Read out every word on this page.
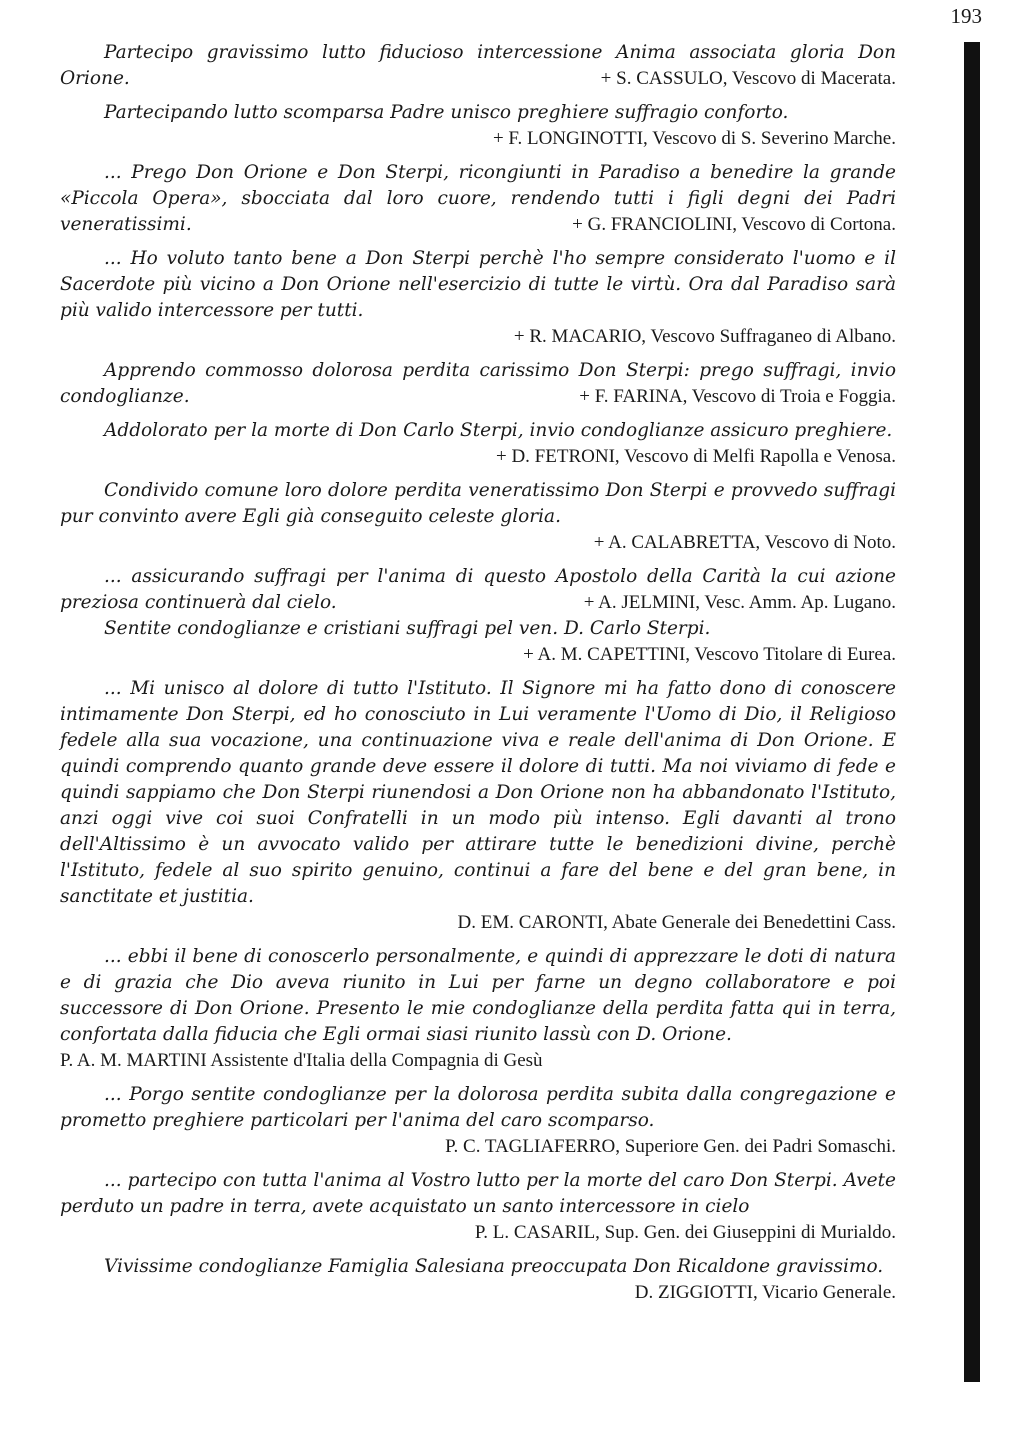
193
Partecipo gravissimo lutto fiducioso intercessione Anima associata gloria Don Orione.	+ S. CASSULO, Vescovo di Macerata.
Partecipando lutto scomparsa Padre unisco preghiere suffragio conforto.
+ F. LONGINOTTI, Vescovo di S. Severino Marche.
... Prego Don Orione e Don Sterpi, ricongiunti in Paradiso a benedire la grande «Piccola Opera», sbocciata dal loro cuore, rendendo tutti i figli degni dei Padri veneratissimi.	+ G. FRANCIOLINI, Vescovo di Cortona.
... Ho voluto tanto bene a Don Sterpi perchè l'ho sempre considerato l'uomo e il Sacerdote più vicino a Don Orione nell'esercizio di tutte le virtù. Ora dal Paradiso sarà più valido intercessore per tutti.
+ R. MACARIO, Vescovo Suffraganeo di Albano.
Apprendo commosso dolorosa perdita carissimo Don Sterpi: prego suffragi, invio condoglianze.	+ F. FARINA, Vescovo di Troia e Foggia.
Addolorato per la morte di Don Carlo Sterpi, invio condoglianze assicuro preghiere.
+ D. FETRONI, Vescovo di Melfi Rapolla e Venosa.
Condivido comune loro dolore perdita veneratissimo Don Sterpi e provvedo suffragi pur convinto avere Egli già conseguito celeste gloria.
+ A. CALABRETTA, Vescovo di Noto.
... assicurando suffragi per l'anima di questo Apostolo della Carità la cui azione preziosa continuerà dal cielo.	+ A. JELMINI, Vesc. Amm. Ap. Lugano.
Sentite condoglianze e cristiani suffragi pel ven. D. Carlo Sterpi.
+ A. M. CAPETTINI, Vescovo Titolare di Eurea.
... Mi unisco al dolore di tutto l'Istituto. Il Signore mi ha fatto dono di conoscere intimamente Don Sterpi, ed ho conosciuto in Lui veramente l'Uomo di Dio, il Religioso fedele alla sua vocazione, una continuazione viva e reale dell'anima di Don Orione. E quindi comprendo quanto grande deve essere il dolore di tutti. Ma noi viviamo di fede e quindi sappiamo che Don Sterpi riunendosi a Don Orione non ha abbandonato l'Istituto, anzi oggi vive coi suoi Confratelli in un modo più intenso. Egli davanti al trono dell'Altissimo è un avvocato valido per attirare tutte le benedizioni divine, perchè l'Istituto, fedele al suo spirito genuino, continui a fare del bene e del gran bene, in sanctitate et justitia.
D. EM. CARONTI, Abate Generale dei Benedettini Cass.
... ebbi il bene di conoscerlo personalmente, e quindi di apprezzare le doti di natura e di grazia che Dio aveva riunito in Lui per farne un degno collaboratore e poi successore di Don Orione. Presento le mie condoglianze della perdita fatta qui in terra, confortata dalla fiducia che Egli ormai siasi riunito lassù con D. Orione.
P. A. M. MARTINI Assistente d'Italia della Compagnia di Gesù
... Porgo sentite condoglianze per la dolorosa perdita subita dalla congregazione e prometto preghiere particolari per l'anima del caro scomparso.
P. C. TAGLIAFERRO, Superiore Gen. dei Padri Somaschi.
... partecipo con tutta l'anima al Vostro lutto per la morte del caro Don Sterpi. Avete perduto un padre in terra, avete acquistato un santo intercessore in cielo
P. L. CASARIL, Sup. Gen. dei Giuseppini di Murialdo.
Vivissime condoglianze Famiglia Salesiana preoccupata Don Ricaldone gravissimo.
D. ZIGGIOTTI, Vicario Generale.
